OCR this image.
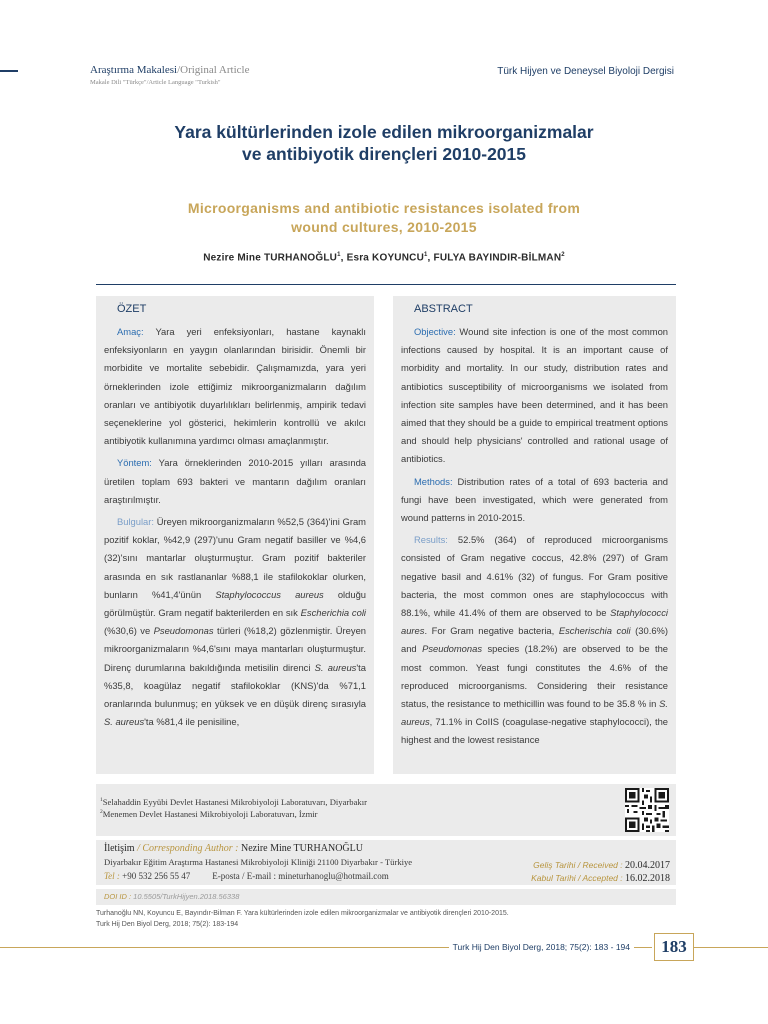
Araştırma Makalesi/Original Article
Makale Dili "Türkçe"/Article Language "Turkish"
Türk Hijyen ve Deneysel Biyoloji Dergisi
Yara kültürlerinden izole edilen mikroorganizmalar
ve antibiyotik dirençleri 2010-2015
Microorganisms and antibiotic resistances isolated from
wound cultures, 2010-2015
Nezire Mine TURHANOĞLU$^1$, Esra KOYUNCU$^1$, FULYA BAYINDIR-BİLMAN$^2$
ÖZET

Amaç: Yara yeri enfeksiyonları, hastane kaynaklı enfeksiyonların en yaygın olanlarından birisidir. Önemli bir morbidite ve mortalite sebebidir. Çalışmamızda, yara yeri örneklerinden izole ettiğimiz mikroorganizmaların dağılım oranları ve antibiyotik duyarlılıkları belirlenmiş, ampirik tedavi seçeneklerine yol gösterici, hekimlerin kontrollü ve akılcı antibiyotik kullanımına yardımcı olması amaçlanmıştır.

Yöntem: Yara örneklerinden 2010-2015 yılları arasında üretilen toplam 693 bakteri ve mantarın dağılım oranları araştırılmıştır.

Bulgular: Üreyen mikroorganizmaların %52,5 (364)'ini Gram pozitif koklar, %42,9 (297)'unu Gram negatif basiller ve %4,6 (32)'sını mantarlar oluşturmuştur. Gram pozitif bakteriler arasında en sık rastlananlar %88,1 ile stafilokoklar olurken, bunların %41,4'ünün Staphylococcus aureus olduğu görülmüştür. Gram negatif bakterilerden en sık Escherichia coli (%30,6) ve Pseudomonas türleri (%18,2) gözlenmiştir. Üreyen mikroorganizmaların %4,6'sını maya mantarları oluşturmuştur. Direnç durumlarına bakıldığında metisilin direnci S. aureus'ta %35,8, koagülaz negatif stafilokoklar (KNS)'da %71,1 oranlarında bulunmuş; en yüksek ve en düşük direnç sırasıyla S. aureus'ta %81,4 ile penisiline,

ABSTRACT

Objective: Wound site infection is one of the most common infections caused by hospital. It is an important cause of morbidity and mortality. In our study, distribution rates and antibiotics susceptibility of microorganisms we isolated from infection site samples have been determined, and it has been aimed that they should be a guide to empirical treatment options and should help physicians' controlled and rational usage of antibiotics.

Methods: Distribution rates of a total of 693 bacteria and fungi have been investigated, which were generated from wound patterns in 2010-2015.

Results: 52.5% (364) of reproduced microorganisms consisted of Gram negative coccus, 42.8% (297) of Gram negative basil and 4.61% (32) of fungus. For Gram positive bacteria, the most common ones are staphylococcus with 88.1%, while 41.4% of them are observed to be Staphylococci aures. For Gram negative bacteria, Escherischia coli (30.6%) and Pseudomonas species (18.2%) are observed to be the most common. Yeast fungi constitutes the 4.6% of the reproduced microorganisms. Considering their resistance status, the resistance to methicillin was found to be 35.8 % in S. aureus, 71.1% in CoIIS (coagulase-negative staphylococci), the highest and the lowest resistance

$^1$Selahaddin Eyyübi Devlet Hastanesi Mikrobiyoloji Laboratuvarı, Diyarbakır
$^2$Menemen Devlet Hastanesi Mikrobiyoloji Laboratuvarı, İzmir
İletişim / Corresponding Author : Nezire Mine TURHANOĞLU
Diyarbakır Eğitim Araştırma Hastanesi Mikrobiyoloji Kliniği 21100 Diyarbakır - Türkiye
Tel : +90 532 256 55 47 E-posta / E-mail : mineturhanoglu@hotmail.com
Geliş Tarihi / Received : 20.04.2017
Kabul Tarihi / Accepted : 16.02.2018
DOI ID : 10.5505/TurkHijyen.2018.56338
Turhanoğlu NN, Koyuncu E, Bayındır-Bilman F. Yara kültürlerinden izole edilen mikroorganizmalar ve antibiyotik dirençleri 2010-2015.
Turk Hij Den Biyol Derg, 2018; 75(2): 183-194
Turk Hij Den Biyol Derg, 2018; 75(2): 183 - 194	183
